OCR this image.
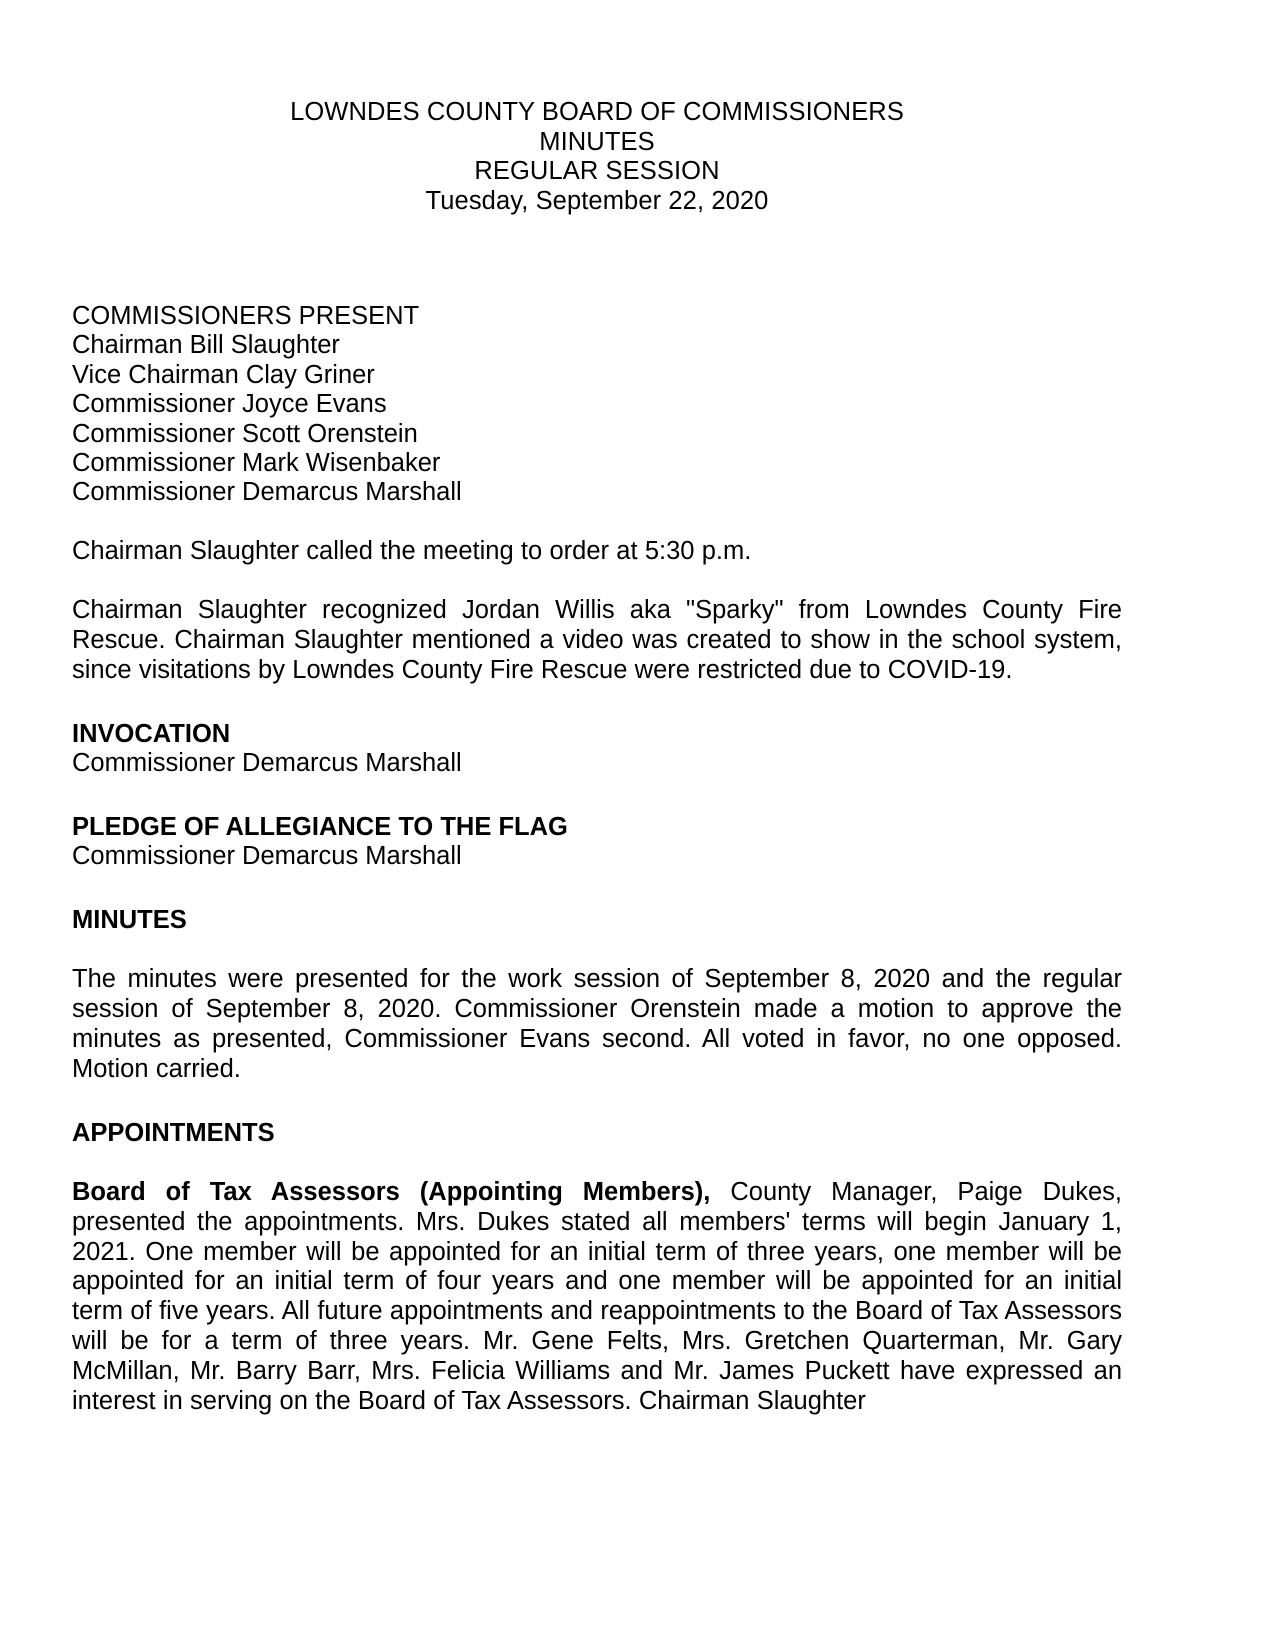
LOWNDES COUNTY BOARD OF COMMISSIONERS
MINUTES
REGULAR SESSION
Tuesday, September 22, 2020
COMMISSIONERS PRESENT
Chairman Bill Slaughter
Vice Chairman Clay Griner
Commissioner Joyce Evans
Commissioner Scott Orenstein
Commissioner Mark Wisenbaker
Commissioner Demarcus Marshall

Chairman Slaughter called the meeting to order at 5:30 p.m.

Chairman Slaughter recognized Jordan Willis aka "Sparky" from Lowndes County Fire Rescue. Chairman Slaughter mentioned a video was created to show in the school system, since visitations by Lowndes County Fire Rescue were restricted due to COVID-19.

INVOCATION
Commissioner Demarcus Marshall
PLEDGE OF ALLEGIANCE TO THE FLAG
Commissioner Demarcus Marshall
MINUTES

The minutes were presented for the work session of September 8, 2020 and the regular session of September 8, 2020. Commissioner Orenstein made a motion to approve the minutes as presented, Commissioner Evans second. All voted in favor, no one opposed. Motion carried.

APPOINTMENTS

Board of Tax Assessors (Appointing Members), County Manager, Paige Dukes, presented the appointments. Mrs. Dukes stated all members' terms will begin January 1, 2021. One member will be appointed for an initial term of three years, one member will be appointed for an initial term of four years and one member will be appointed for an initial term of five years. All future appointments and reappointments to the Board of Tax Assessors will be for a term of three years. Mr. Gene Felts, Mrs. Gretchen Quarterman, Mr. Gary McMillan, Mr. Barry Barr, Mrs. Felicia Williams and Mr. James Puckett have expressed an interest in serving on the Board of Tax Assessors. Chairman Slaughter
